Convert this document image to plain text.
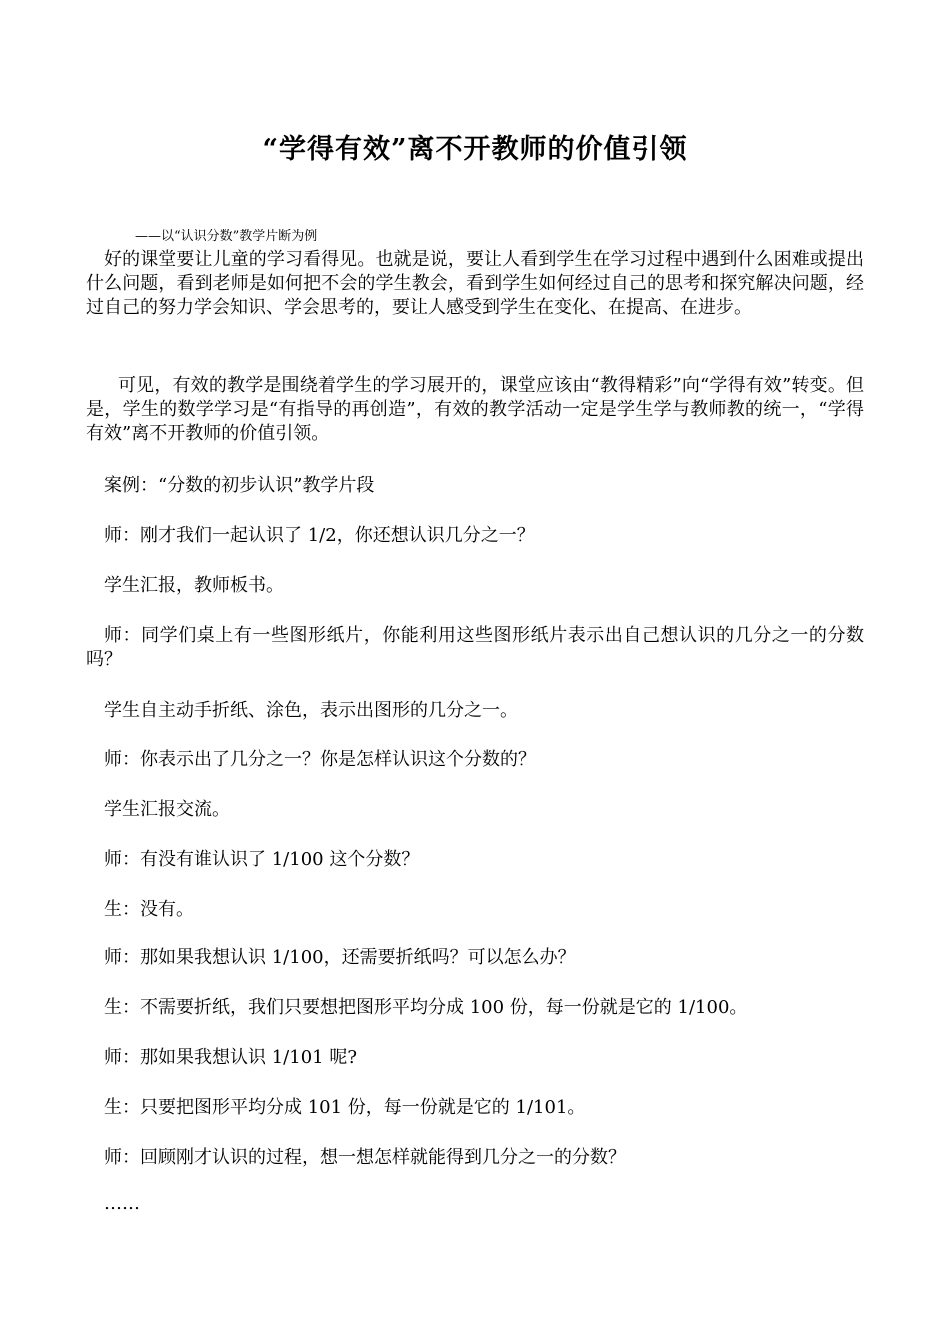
“学得有效”离不开教师的价值引领
——以“认识分数”教学片断为例

好的课堂要让儿童的学习看得见。也就是说，要让人看到学生在学习过程中遇到什么困难或提出什么问题，看到老师是如何把不会的学生教会，看到学生如何经过自己的思考和探究解决问题，经过自己的努力学会知识、学会思考的，要让人感受到学生在变化、在提高、在进步。

可见，有效的教学是围绕着学生的学习展开的，课堂应该由“教得精彩”向“学得有效”转变。但是，学生的数学学习是“有指导的再创造”，有效的教学活动一定是学生学与教师教的统一，“学得有效”离不开教师的价值引领。

案例：“分数的初步认识”教学片段
师：刚才我们一起认识了 1/2，你还想认识几分之一？
学生汇报，教师板书。

师：同学们桌上有一些图形纸片，你能利用这些图形纸片表示出自己想认识的几分之一的分数吗？

学生自主动手折纸、涂色，表示出图形的几分之一。
师：你表示出了几分之一？你是怎样认识这个分数的？
学生汇报交流。
师：有没有谁认识了 1/100 这个分数？
生：没有。
师：那如果我想认识 1/100，还需要折纸吗？可以怎么办？
生：不需要折纸，我们只要想把图形平均分成 100 份，每一份就是它的 1/100。
师：那如果我想认识 1/101 呢?
生：只要把图形平均分成 101 份，每一份就是它的 1/101。
师：回顾刚才认识的过程，想一想怎样就能得到几分之一的分数？
……
